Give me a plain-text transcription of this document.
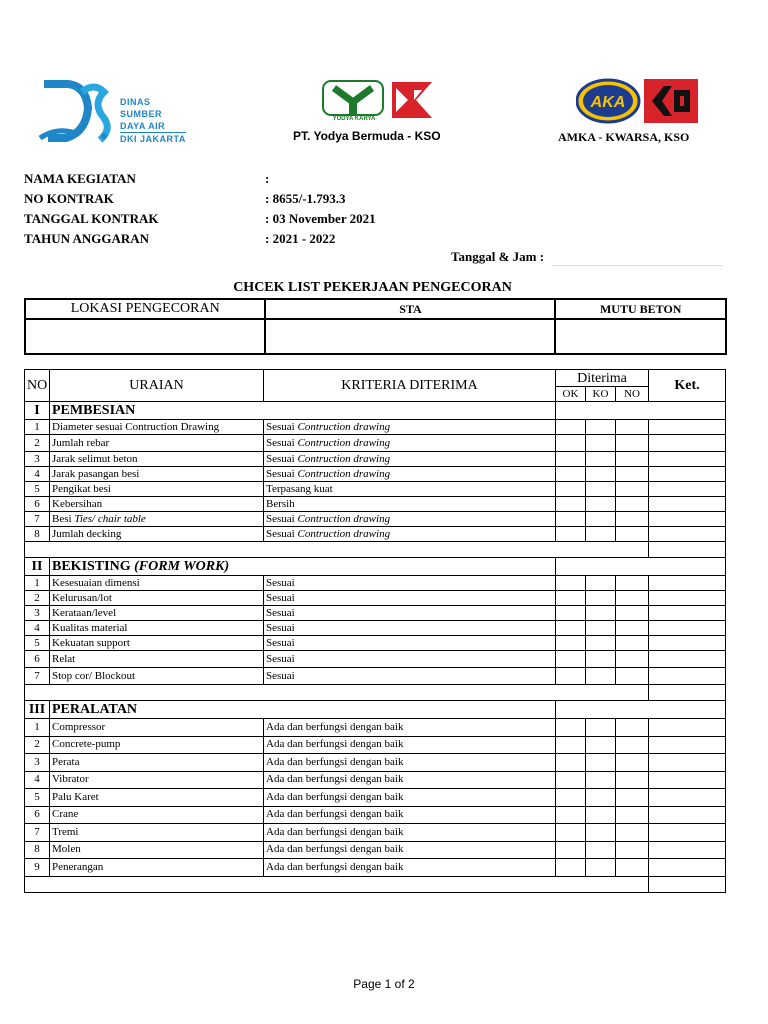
DINAS
SUMBER
DAYA AIR
DKI JAKARTA
YODYA KARYA
PT. Yodya Bermuda - KSO
AKA
AMKA - KWARSA, KSO
NAMA KEGIATAN	:
NO KONTRAK	: 8655/-1.793.3
TANGGAL KONTRAK	: 03 November 2021
TAHUN ANGGARAN	: 2021 - 2022
Tanggal & Jam :
CHCEK LIST PEKERJAAN PENGECORAN
LOKASI PENGECORAN	STA	MUTU BETON

NO	URAIAN	KRITERIA DITERIMA	Diterima			Ket.
			OK	KO	NO	
I	PEMBESIAN					
1	Diameter sesuai Contruction Drawing	Sesuai Contruction drawing				
2	Jumlah rebar	Sesuai Contruction drawing				
3	Jarak selimut beton	Sesuai Contruction drawing				
4	Jarak pasangan besi	Sesuai Contruction drawing				
5	Pengikat besi	Terpasang kuat				
6	Kebersihan	Bersih				
7	Besi Ties/ chair table	Sesuai Contruction drawing				
8	Jumlah decking	Sesuai Contruction drawing				

II	BEKISTING (FORM WORK)					
1	Kesesuaian dimensi	Sesuai				
2	Kelurusan/lot	Sesuai				
3	Kerataan/level	Sesuai				
4	Kualitas material	Sesuai				
5	Kekuatan support	Sesuai				
6	Relat	Sesuai				
7	Stop cor/ Blockout	Sesuai				

III	PERALATAN					
1	Compressor	Ada dan berfungsi dengan baik				
2	Concrete-pump	Ada dan berfungsi dengan baik				
3	Perata	Ada dan berfungsi dengan baik				
4	Vibrator	Ada dan berfungsi dengan baik				
5	Palu Karet	Ada dan berfungsi dengan baik				
6	Crane	Ada dan berfungsi dengan baik				
7	Tremi	Ada dan berfungsi dengan baik				
8	Molen	Ada dan berfungsi dengan baik				
9	Penerangan	Ada dan berfungsi dengan baik				

Page 1 of 2
